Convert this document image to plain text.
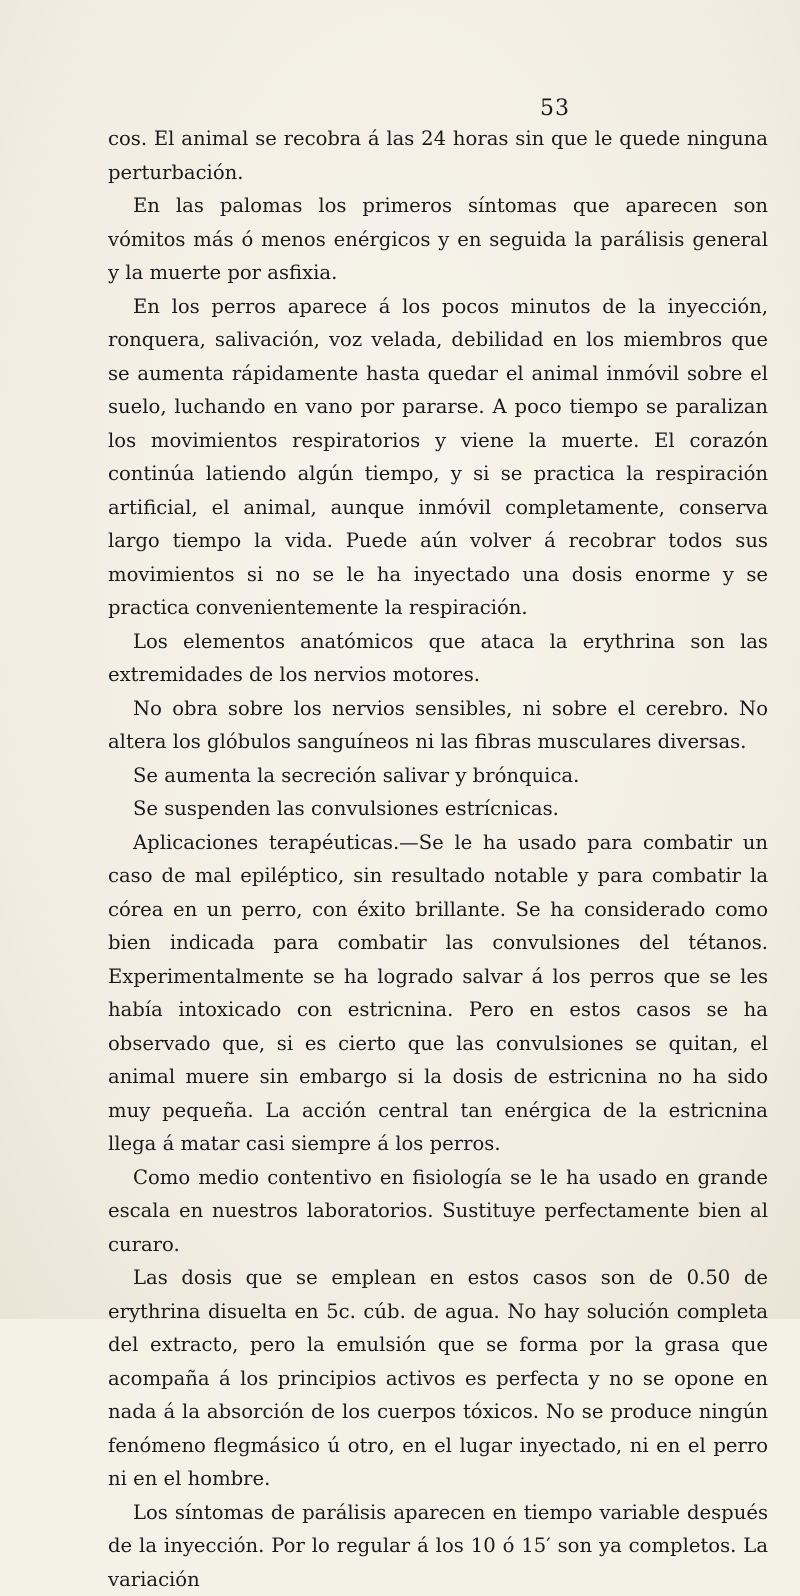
53

cos. El animal se recobra á las 24 horas sin que le quede ninguna perturbación.

En las palomas los primeros síntomas que aparecen son vómitos más ó menos enérgicos y en seguida la parálisis general y la muerte por asfixia.

En los perros aparece á los pocos minutos de la inyección, ronquera, salivación, voz velada, debilidad en los miembros que se aumenta rápidamente hasta quedar el animal inmóvil sobre el suelo, luchando en vano por pararse. A poco tiempo se paralizan los movimientos respiratorios y viene la muerte. El corazón continúa latiendo algún tiempo, y si se practica la respiración artificial, el animal, aunque inmóvil completamente, conserva largo tiempo la vida. Puede aún volver á recobrar todos sus movimientos si no se le ha inyectado una dosis enorme y se practica convenientemente la respiración.

Los elementos anatómicos que ataca la erythrina son las extremidades de los nervios motores.

No obra sobre los nervios sensibles, ni sobre el cerebro. No altera los glóbulos sanguíneos ni las fibras musculares diversas.

Se aumenta la secreción salivar y brónquica.

Se suspenden las convulsiones estrícnicas.

Aplicaciones terapéuticas.—Se le ha usado para combatir un caso de mal epiléptico, sin resultado notable y para combatir la córea en un perro, con éxito brillante. Se ha considerado como bien indicada para combatir las convulsiones del tétanos. Experimentalmente se ha logrado salvar á los perros que se les había intoxicado con estricnina. Pero en estos casos se ha observado que, si es cierto que las convulsiones se quitan, el animal muere sin embargo si la dosis de estricnina no ha sido muy pequeña. La acción central tan enérgica de la estricnina llega á matar casi siempre á los perros.

Como medio contentivo en fisiología se le ha usado en grande escala en nuestros laboratorios. Sustituye perfectamente bien al curaro.

Las dosis que se emplean en estos casos son de 0.50 de erythrina disuelta en 5c. cúb. de agua. No hay solución completa del extracto, pero la emulsión que se forma por la grasa que acompaña á los principios activos es perfecta y no se opone en nada á la absorción de los cuerpos tóxicos. No se produce ningún fenómeno flegmásico ú otro, en el lugar inyectado, ni en el perro ni en el hombre.

Los síntomas de parálisis aparecen en tiempo variable después de la inyección. Por lo regular á los 10 ó 15′ son ya completos. La variación
